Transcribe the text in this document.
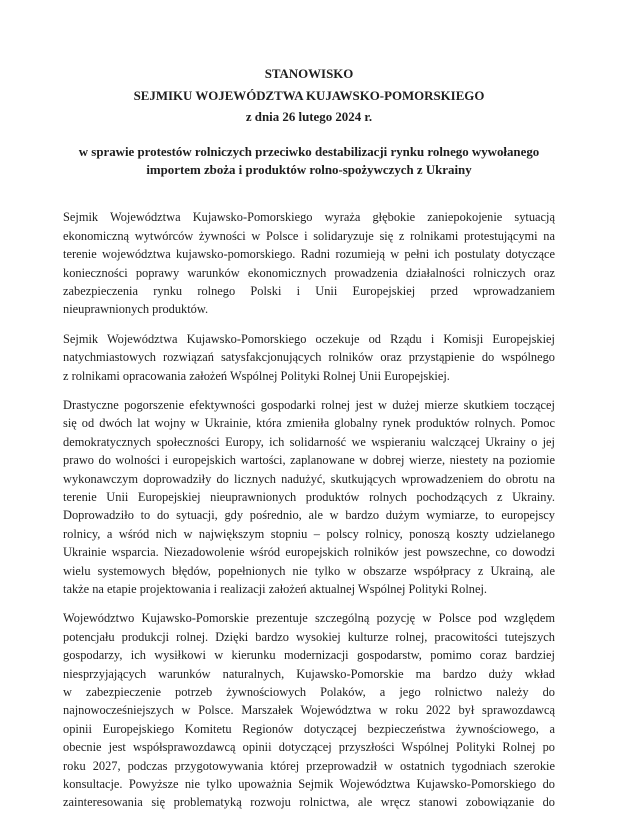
STANOWISKO
SEJMIKU WOJEWÓDZTWA KUJAWSKO-POMORSKIEGO
z dnia 26 lutego 2024 r.
w sprawie protestów rolniczych przeciwko destabilizacji rynku rolnego wywołanego
importem zboża i produktów rolno-spożywczych z Ukrainy
Sejmik Województwa Kujawsko-Pomorskiego wyraża głębokie zaniepokojenie sytuacją
ekonomiczną wytwórców żywności w Polsce i solidaryzuje się z rolnikami protestującymi na
terenie województwa kujawsko-pomorskiego. Radni rozumieją w pełni ich postulaty dotyczące
konieczności poprawy warunków ekonomicznych prowadzenia działalności rolniczych oraz
zabezpieczenia rynku rolnego Polski i Unii Europejskiej przed wprowadzaniem
nieuprawnionych produktów.
Sejmik Województwa Kujawsko-Pomorskiego oczekuje od Rządu i Komisji Europejskiej
natychmiastowych rozwiązań satysfakcjonujących rolników oraz przystąpienie do wspólnego
z rolnikami opracowania założeń Wspólnej Polityki Rolnej Unii Europejskiej.
Drastyczne pogorszenie efektywności gospodarki rolnej jest w dużej mierze skutkiem toczącej
się od dwóch lat wojny w Ukrainie, która zmieniła globalny rynek produktów rolnych. Pomoc
demokratycznych społeczności Europy, ich solidarność we wspieraniu walczącej Ukrainy o jej
prawo do wolności i europejskich wartości, zaplanowane w dobrej wierze, niestety na poziomie
wykonawczym doprowadziły do licznych nadużyć, skutkujących wprowadzeniem do obrotu na
terenie Unii Europejskiej nieuprawnionych produktów rolnych pochodzących z Ukrainy.
Doprowadziło to do sytuacji, gdy pośrednio, ale w bardzo dużym wymiarze, to europejscy
rolnicy, a wśród nich w największym stopniu – polscy rolnicy, ponoszą koszty udzielanego
Ukrainie wsparcia. Niezadowolenie wśród europejskich rolników jest powszechne, co dowodzi
wielu systemowych błędów, popełnionych nie tylko w obszarze współpracy z Ukrainą, ale
także na etapie projektowania i realizacji założeń aktualnej Wspólnej Polityki Rolnej.
Województwo Kujawsko-Pomorskie prezentuje szczególną pozycję w Polsce pod względem
potencjału produkcji rolnej. Dzięki bardzo wysokiej kulturze rolnej, pracowitości tutejszych
gospodarzy, ich wysiłkowi w kierunku modernizacji gospodarstw, pomimo coraz bardziej
niesprzyjających warunków naturalnych, Kujawsko-Pomorskie ma bardzo duży wkład
w zabezpieczenie potrzeb żywnościowych Polaków, a jego rolnictwo należy do
najnowocześniejszych w Polsce. Marszałek Województwa w roku 2022 był sprawozdawcą
opinii Europejskiego Komitetu Regionów dotyczącej bezpieczeństwa żywnościowego, a
obecnie jest współsprawozdawcą opinii dotyczącej przyszłości Wspólnej Polityki Rolnej po
roku 2027, podczas przygotowywania której przeprowadził w ostatnich tygodniach szerokie
konsultacje. Powyższe nie tylko upoważnia Sejmik Województwa Kujawsko-Pomorskiego do
zainteresowania się problematyką rozwoju rolnictwa, ale wręcz stanowi zobowiązanie do
